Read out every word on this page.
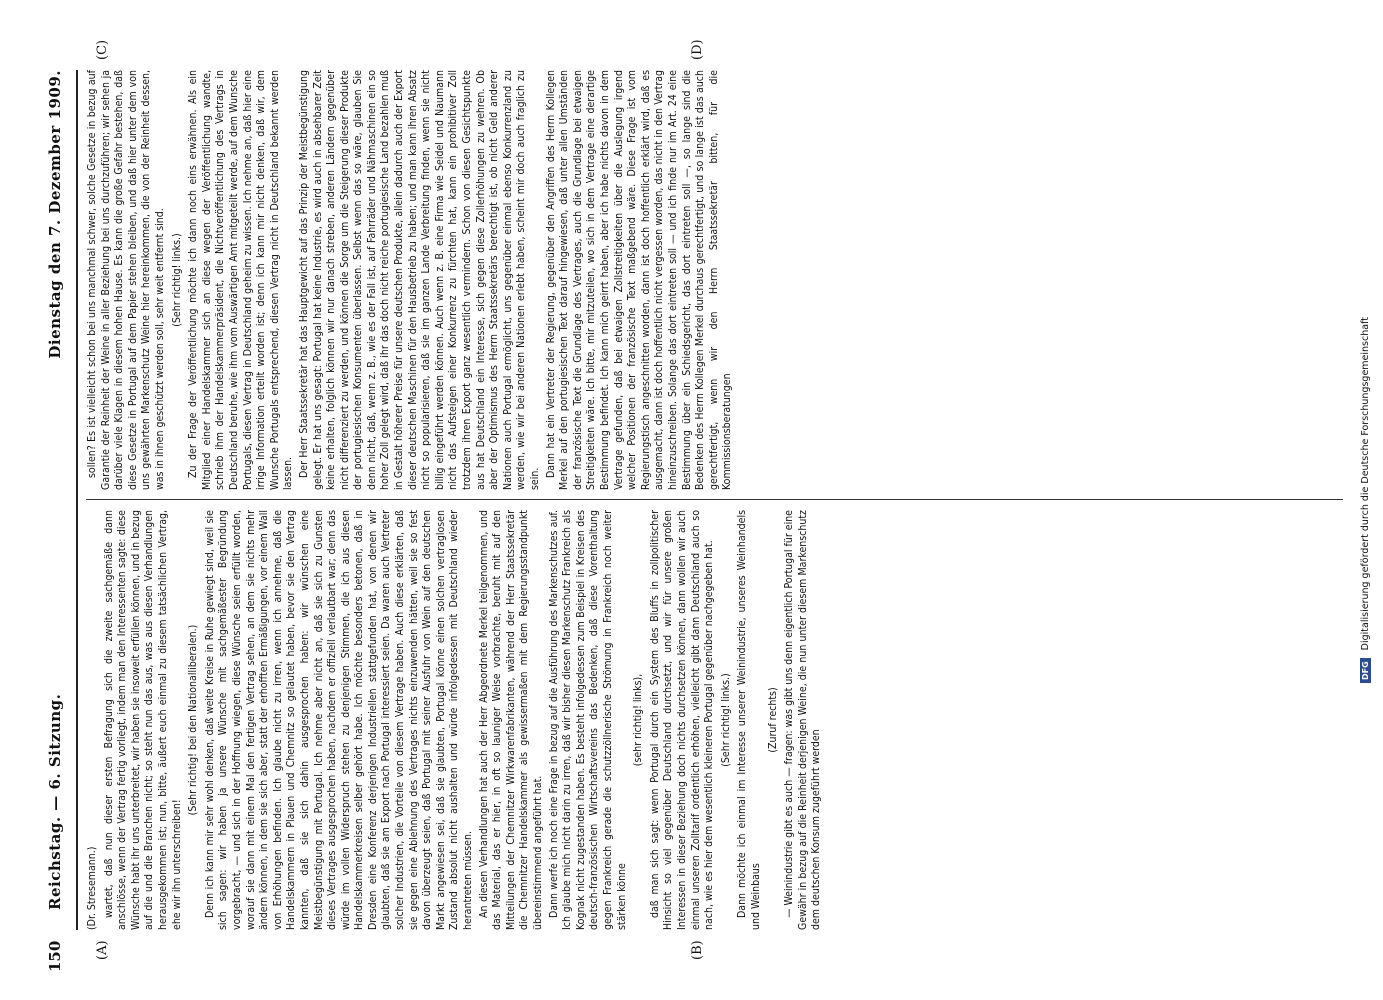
150
Reichstag. — 6. Sitzung.
Dienstag den 7. Dezember 1909.
(A)	(B)
(C)	(D)

(Dr. Stresemann.) wartet, daß nun dieser ersten Befragung sich die zweite sachgemäße dann anschlösse, wenn der Vertrag fertig vorliegt, indem man den Interessenten sagte: diese Wünsche habt ihr uns unterbreitet, wir haben sie insoweit erfüllen können, und in bezug auf die und die Branchen nicht; so steht nun das aus, was aus diesen Verhandlungen herausgekommen ist; nun, bitte, äußert euch einmal zu diesem tatsächlichen Vertrag, ehe wir ihn unterschreiben!

(Sehr richtig! bei den Nationalliberalen.) Denn ich kann mir sehr wohl denken, daß weite Kreise in Ruhe gewiegt sind, weil sie sich sagen: wir haben ja unsere Wünsche mit sachgemäßester Begründung vorgebracht, — und sich in der Hoffnung wiegen, diese Wünsche seien erfüllt worden, worauf sie dann mit einem Mal den fertigen Vertrag sehen, an dem sie nichts mehr ändern können, in dem sie sich aber, statt der erhofften Ermäßigungen, vor einem Wall von Erhöhungen befinden. Ich glaube nicht zu irren, wenn ich annehme, daß die Handelskammern in Plauen und Chemnitz so gelautet haben, bevor sie den Vertrag kannten, daß sie sich dahin ausgesprochen haben: wir wünschen eine Meistbegünstigung mit Portugal. Ich nehme aber nicht an, daß sie sich zu Gunsten dieses Vertrages ausgesprochen haben, nachdem er offiziell verlautbart war; denn das würde im vollen Widerspruch stehen zu denjenigen Stimmen, die ich aus diesen Handelskammerkreisen selber gehört habe. Ich möchte besonders betonen, daß in Dresden eine Konferenz derjenigen Industriellen stattgefunden hat, von denen wir glaubten, daß sie am Export nach Portugal interessiert seien. Da waren auch Vertreter solcher Industrien, die Vorteile von diesem Vertrage haben. Auch diese erklärten, daß sie gegen eine Ablehnung des Vertrages nichts einzuwenden hätten, weil sie so fest davon überzeugt seien, daß Portugal mit seiner Ausfuhr von Wein auf den deutschen Markt angewiesen sei, daß sie glaubten, Portugal könne einen solchen vertraglosen Zustand absolut nicht aushalten und würde infolgedessen mit Deutschland wieder herantreten müssen. An diesen Verhandlungen hat auch der Herr Abgeordnete Merkel teilgenommen, und das Material, das er hier, in oft so launiger Weise vorbrachte, beruht mit auf den Mitteilungen der Chemnitzer Wirkwarenfabrikanten, während der Herr Staatssekretär die Chemnitzer Handelskammer als gewissermaßen mit dem Regierungsstandpunkt übereinstimmend angeführt hat. Dann werfe ich noch eine Frage in bezug auf die Ausführung des Markenschutzes auf. Ich glaube mich nicht darin zu irren, daß wir bisher diesen Markenschutz Frankreich als Kognak nicht zugestanden haben. Es besteht infolgedessen zum Beispiel in Kreisen des deutsch-französischen Wirtschaftsvereins das Bedenken, daß diese Vorenthaltung gegen Frankreich gerade die schutzzöllnerische Strömung in Frankreich noch weiter stärken könne

(sehr richtig! links), daß man sich sagt: wenn Portugal durch ein System des Bluffs in zollpolitischer Hinsicht so viel gegenüber Deutschland durchsetzt, und wir für unsere großen Interessen in dieser Beziehung doch nichts durchsetzen können, dann wollen wir auch einmal unseren Zolltarif ordentlich erhöhen, vielleicht gibt dann Deutschland auch so nach, wie es hier dem wesentlich kleineren Portugal gegenüber nachgegeben hat. (Sehr richtig! links.) Dann möchte ich einmal im Interesse unserer Weinindustrie, unseres Weinhandels und Weinbaus

(Zuruf rechts) — Weinindustrie gibt es auch — fragen: was gibt uns denn eigentlich Portugal für eine Gewähr in bezug auf die Reinheit derjenigen Weine, die nun unter diesem Markenschutz dem deutschen Konsum zugeführt werden

sollen? Es ist vielleicht schon bei uns manchmal schwer, solche Gesetze in bezug auf Garantie der Reinheit der Weine in aller Beziehung bei uns durchzuführen; wir sehen ja darüber viele Klagen in diesem hohen Hause. Es kann die große Gefahr bestehen, daß diese Gesetze in Portugal auf dem Papier stehen bleiben, und daß hier unter dem von uns gewährten Markenschutz Weine hier hereinkommen, die von der Reinheit dessen, was in ihnen geschützt werden soll, sehr weit entfernt sind. (Sehr richtig! links.) Zu der Frage der Veröffentlichung möchte ich dann noch eins erwähnen. Als ein Mitglied einer Handelskammer sich an diese wegen der Veröffentlichung wandte, schrieb ihm der Handelskammerpräsident, die Nichtveröffentlichung des Vertrags in Deutschland beruhe, wie ihm vom Auswärtigen Amt mitgeteilt werde, auf dem Wunsche Portugals, diesen Vertrag in Deutschland geheim zu wissen. Ich nehme an, daß hier eine irrige Information erteilt worden ist; denn ich kann mir nicht denken, daß wir, dem Wunsche Portugals entsprechend, diesen Vertrag nicht in Deutschland bekannt werden lassen. Der Herr Staatssekretär hat das Hauptgewicht auf das Prinzip der Meistbegünstigung gelegt. Er hat uns gesagt: Portugal hat keine Industrie, es wird auch in absehbarer Zeit keine erhalten, folglich können wir nur danach streben, anderen Ländern gegenüber nicht differenziert zu werden, und können die Sorge um die Steigerung dieser Produkte der portugiesischen Konsumenten überlassen. Selbst wenn das so wäre, glauben Sie denn nicht, daß, wenn z. B., wie es der Fall ist, auf Fahrräder und Nähmaschinen ein so hoher Zoll gelegt wird, daß ihr das doch nicht reiche portugiesische Land bezahlen muß in Gestalt höherer Preise für unsere deutschen Produkte, allein dadurch auch der Export dieser deutschen Maschinen für den Hausbetrieb zu haben; und man kann ihren Absatz nicht so popularisieren, daß sie im ganzen Lande Verbreitung finden, wenn sie nicht billig eingeführt werden können. Auch wenn z. B. eine Firma wie Seidel und Naumann nicht das Aufsteigen einer Konkurrenz zu fürchten hat, kann ein prohibitiver Zoll trotzdem ihren Export ganz wesentlich vermindern. Schon von diesen Gesichtspunkte aus hat Deutschland ein Interesse, sich gegen diese Zollerhöhungen zu wehren. Ob aber der Optimismus des Herrn Staatssekretärs berechtigt ist, ob nicht Geld anderer Nationen auch Portugal ermöglicht, uns gegenüber einmal ebenso Konkurrenzland zu werden, wie wir bei anderen Nationen erlebt haben, scheint mir doch auch fraglich zu sein.

Dann hat ein Vertreter der Regierung, gegenüber den Angriffen des Herrn Kollegen Merkel auf den portugiesischen Text darauf hingewiesen, daß unter allen Umständen der französische Text die Grundlage des Vertrages, auch die Grundlage bei etwaigen Streitigkeiten wäre. Ich bitte, mir mitzuteilen, wo sich in dem Vertrage eine derartige Bestimmung befindet. Ich kann mich geirrt haben, aber ich habe nichts davon in dem Vertrage gefunden, daß bei etwaigen Zollstreitigkeiten über die Auslegung irgend welcher Positionen der französische Text maßgebend wäre. Diese Frage ist vom Regierungstisch angeschnitten worden, dann ist doch hoffentlich erklärt wird, daß es ausgemacht, dann ist doch hoffentlich nicht vergessen worden, das nicht in den Vertrag hineinzuschreiben. Solange das dort eintreten soll — und ich finde nur im Art. 24 eine Bestimmung über ein Schiedsgericht, das dort eintreten soll —, so lange sind die Bedenken des Herrn Kollegen Merkel durchaus gerechtfertigt, und so lange ist das auch gerechtfertigt, wenn wir den Herrn Staatssekretär bitten, für die Kommissionsberatungen

DFGDigitalisierung gefördert durch die Deutsche Forschungsgemeinschaft
